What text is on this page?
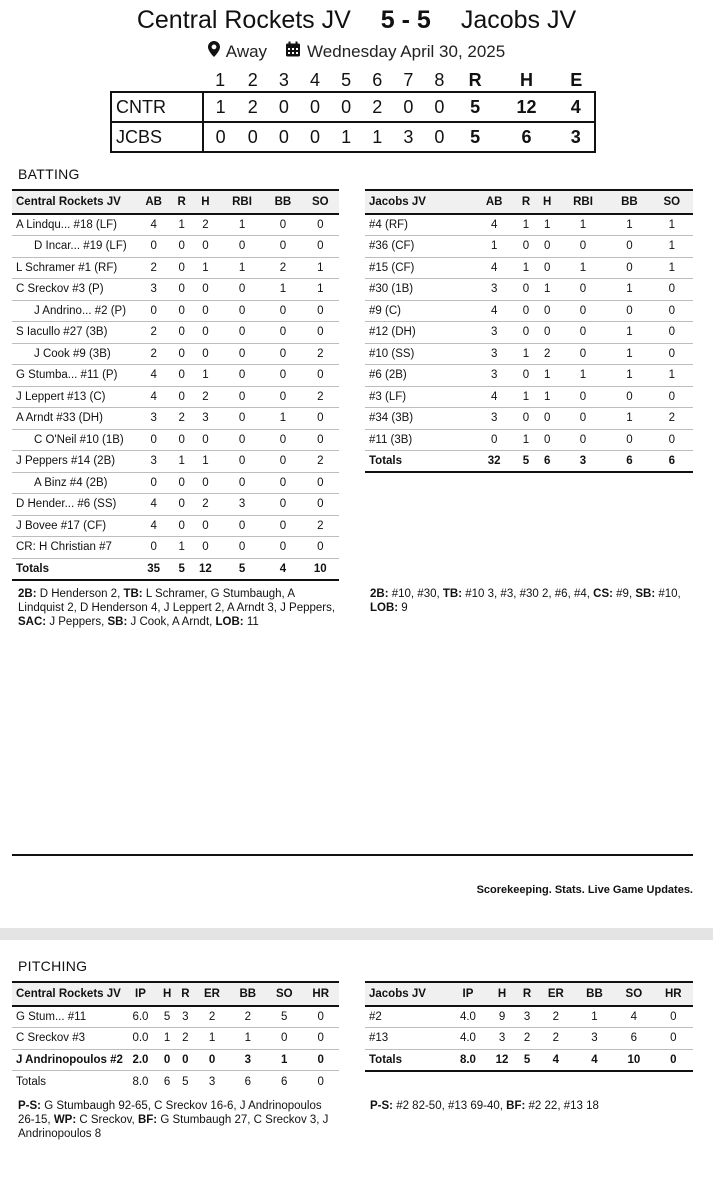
Central Rockets JV 5 - 5 Jacobs JV
Away Wednesday April 30, 2025
	1	2	3	4	5	6	7	8	R	H	E
CNTR	1	2	0	0	0	2	0	0	5	12	4
JCBS	0	0	0	0	1	1	3	0	5	6	3
BATTING
Central Rockets JV	AB	R	H	RBI	BB	SO
A Lindqu... #18 (LF)	4	1	2	1	0	0
D Incar... #19 (LF)	0	0	0	0	0	0
L Schramer #1 (RF)	2	0	1	1	2	1
C Sreckov #3 (P)	3	0	0	0	1	1
J Andrino... #2 (P)	0	0	0	0	0	0
S Iacullo #27 (3B)	2	0	0	0	0	0
J Cook #9 (3B)	2	0	0	0	0	2
G Stumba... #11 (P)	4	0	1	0	0	0
J Leppert #13 (C)	4	0	2	0	0	2
A Arndt #33 (DH)	3	2	3	0	1	0
C O'Neil #10 (1B)	0	0	0	0	0	0
J Peppers #14 (2B)	3	1	1	0	0	2
A Binz #4 (2B)	0	0	0	0	0	0
D Hender... #6 (SS)	4	0	2	3	0	0
J Bovee #17 (CF)	4	0	0	0	0	2
CR: H Christian #7	0	1	0	0	0	0
Totals	35	5	12	5	4	10
Jacobs JV	AB	R	H	RBI	BB	SO
#4 (RF)	4	1	1	1	1	1
#36 (CF)	1	0	0	0	0	1
#15 (CF)	4	1	0	1	0	1
#30 (1B)	3	0	1	0	1	0
#9 (C)	4	0	0	0	0	0
#12 (DH)	3	0	0	0	1	0
#10 (SS)	3	1	2	0	1	0
#6 (2B)	3	0	1	1	1	1
#3 (LF)	4	1	1	0	0	0
#34 (3B)	3	0	0	0	1	2
#11 (3B)	0	1	0	0	0	0
Totals	32	5	6	3	6	6
2B: D Henderson 2, TB: L Schramer, G Stumbaugh, A Lindquist 2, D Henderson 4, J Leppert 2, A Arndt 3, J Peppers, SAC: J Peppers, SB: J Cook, A Arndt, LOB: 11
2B: #10, #30, TB: #10 3, #3, #30 2, #6, #4, CS: #9, SB: #10, LOB: 9
Scorekeeping. Stats. Live Game Updates.
PITCHING
Central Rockets JV	IP	H	R	ER	BB	SO	HR
G Stum... #11	6.0	5	3	2	2	5	0
C Sreckov #3	0.0	1	2	1	1	0	0
J Andrinopoulos #2	2.0	0	0	0	3	1	0
Totals	8.0	6	5	3	6	6	0
Jacobs JV	IP	H	R	ER	BB	SO	HR
#2	4.0	9	3	2	1	4	0
#13	4.0	3	2	2	3	6	0
Totals	8.0	12	5	4	4	10	0
P-S: G Stumbaugh 92-65, C Sreckov 16-6, J Andrinopoulos 26-15, WP: C Sreckov, BF: G Stumbaugh 27, C Sreckov 3, J Andrinopoulos 8
P-S: #2 82-50, #13 69-40, BF: #2 22, #13 18
